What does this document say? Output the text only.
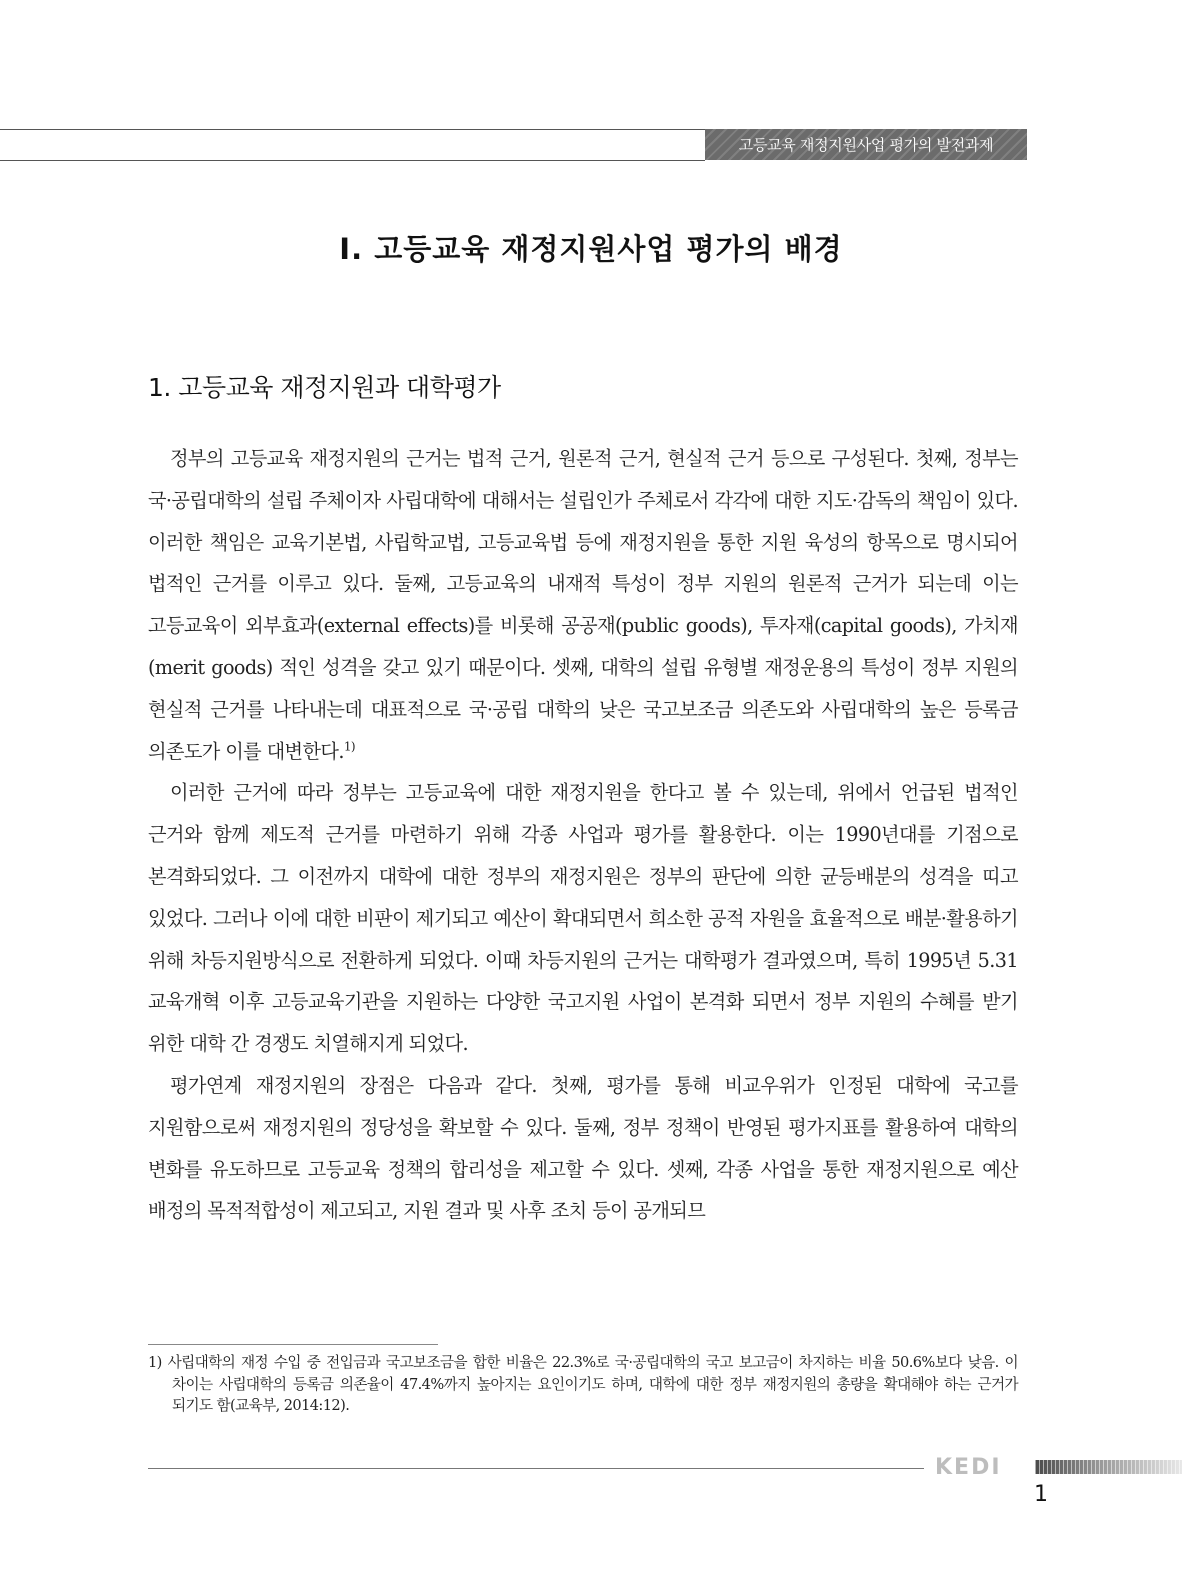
고등교육 재정지원사업 평가의 발전과제
Ⅰ. 고등교육 재정지원사업 평가의 배경
1. 고등교육 재정지원과 대학평가

정부의 고등교육 재정지원의 근거는 법적 근거, 원론적 근거, 현실적 근거 등으로 구성된다. 첫째, 정부는 국·공립대학의 설립 주체이자 사립대학에 대해서는 설립인가 주체로서 각각에 대한 지도·감독의 책임이 있다. 이러한 책임은 교육기본법, 사립학교법, 고등교육법 등에 재정지원을 통한 지원 육성의 항목으로 명시되어 법적인 근거를 이루고 있다. 둘째, 고등교육의 내재적 특성이 정부 지원의 원론적 근거가 되는데 이는 고등교육이 외부효과(external effects)를 비롯해 공공재(public goods), 투자재(capital goods), 가치재(merit goods) 적인 성격을 갖고 있기 때문이다. 셋째, 대학의 설립 유형별 재정운용의 특성이 정부 지원의 현실적 근거를 나타내는데 대표적으로 국·공립 대학의 낮은 국고보조금 의존도와 사립대학의 높은 등록금 의존도가 이를 대변한다.$^{1)}$

이러한 근거에 따라 정부는 고등교육에 대한 재정지원을 한다고 볼 수 있는데, 위에서 언급된 법적인 근거와 함께 제도적 근거를 마련하기 위해 각종 사업과 평가를 활용한다. 이는 1990년대를 기점으로 본격화되었다. 그 이전까지 대학에 대한 정부의 재정지원은 정부의 판단에 의한 균등배분의 성격을 띠고 있었다. 그러나 이에 대한 비판이 제기되고 예산이 확대되면서 희소한 공적 자원을 효율적으로 배분·활용하기 위해 차등지원방식으로 전환하게 되었다. 이때 차등지원의 근거는 대학평가 결과였으며, 특히 1995년 5.31 교육개혁 이후 고등교육기관을 지원하는 다양한 국고지원 사업이 본격화 되면서 정부 지원의 수혜를 받기 위한 대학 간 경쟁도 치열해지게 되었다.

평가연계 재정지원의 장점은 다음과 같다. 첫째, 평가를 통해 비교우위가 인정된 대학에 국고를 지원함으로써 재정지원의 정당성을 확보할 수 있다. 둘째, 정부 정책이 반영된 평가지표를 활용하여 대학의 변화를 유도하므로 고등교육 정책의 합리성을 제고할 수 있다. 셋째, 각종 사업을 통한 재정지원으로 예산 배정의 목적적합성이 제고되고, 지원 결과 및 사후 조치 등이 공개되므

1) 사립대학의 재정 수입 중 전입금과 국고보조금을 합한 비율은 22.3%로 국·공립대학의 국고 보고금이 차지하는 비율 50.6%보다 낮음. 이 차이는 사립대학의 등록금 의존율이 47.4%까지 높아지는 요인이기도 하며, 대학에 대한 정부 재정지원의 총량을 확대해야 하는 근거가 되기도 함(교육부, 2014:12).
KEDI
1
